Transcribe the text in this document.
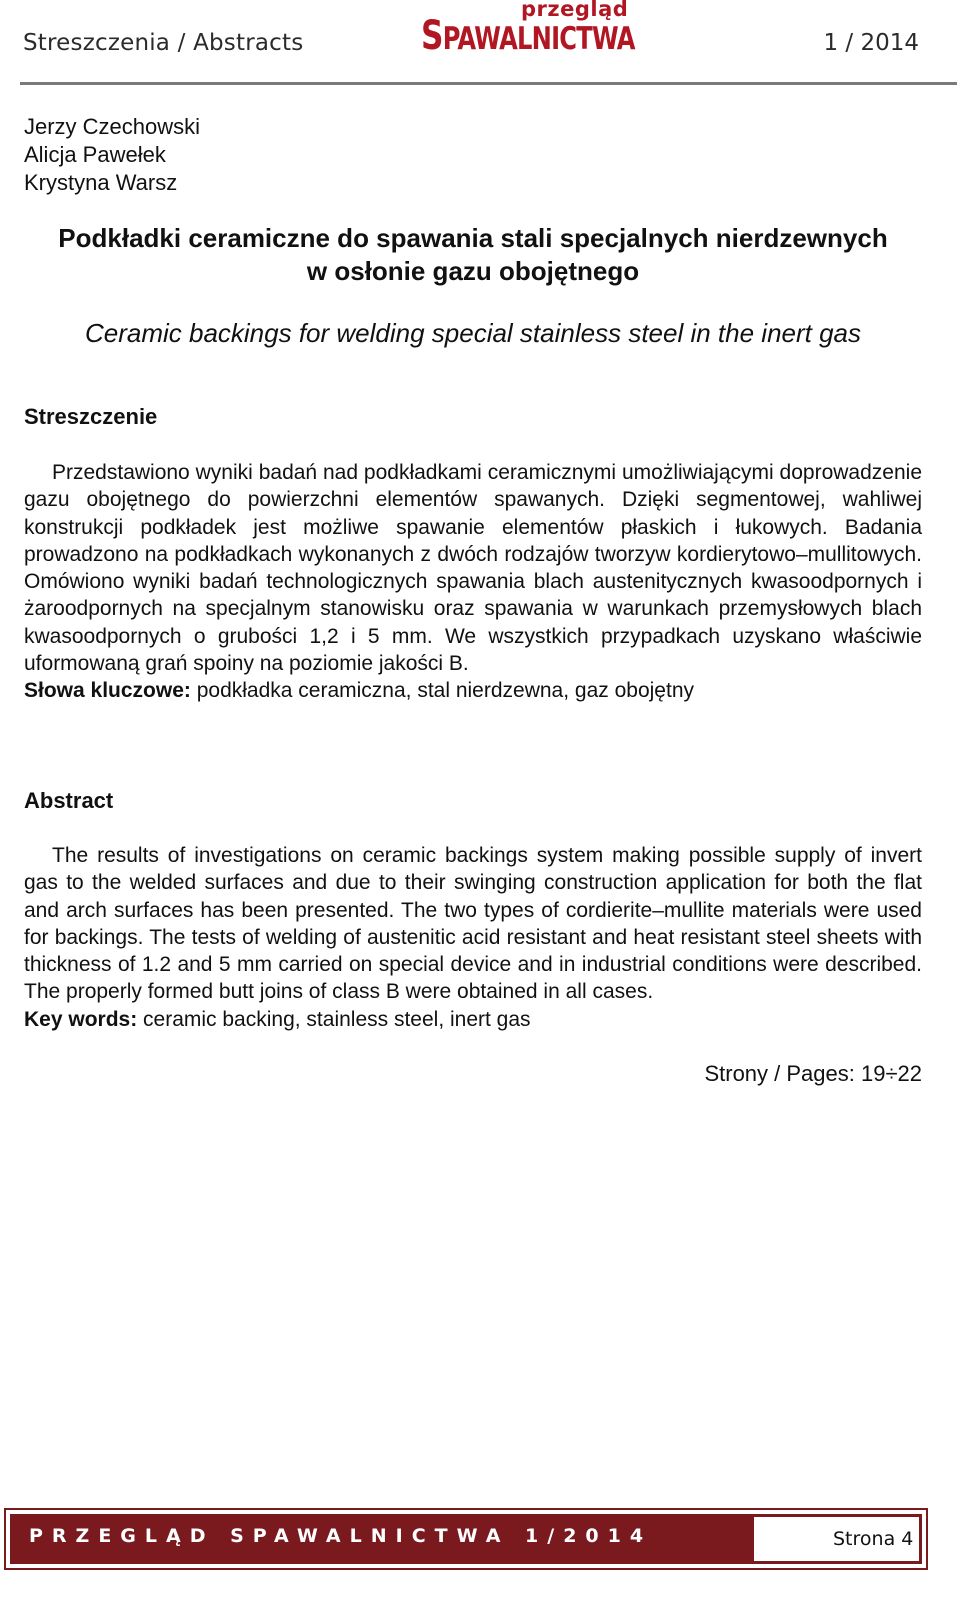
Streszczenia / Abstracts
przegląd
SPAWALNICTWA	1 / 2014
Jerzy Czechowski
Alicja Pawełek
Krystyna Warsz
Podkładki ceramiczne do spawania stali specjalnych nierdzewnych
w osłonie gazu obojętnego
Ceramic backings for welding special stainless steel in the inert gas
Streszczenie

Przedstawiono wyniki badań nad podkładkami ceramicznymi umożliwiającymi doprowadzenie gazu obojętnego do powierzchni elementów spawanych. Dzięki segmentowej, wahliwej konstrukcji podkładek jest możliwe spawanie elementów płaskich i łukowych. Badania prowadzono na podkładkach wykonanych z dwóch rodzajów tworzyw kordierytowo–mullitowych. Omówiono wyniki badań technologicznych spawania blach austenitycznych kwasoodpornych i żaroodpornych na specjalnym stanowisku oraz spawania w warunkach przemysłowych blach kwasoodpornych o grubości 1,2 i 5 mm. We wszystkich przypadkach uzyskano właściwie uformowaną grań spoiny na poziomie jakości B.

Słowa kluczowe: podkładka ceramiczna, stal nierdzewna, gaz obojętny

Abstract

The results of investigations on ceramic backings system making possible supply of invert gas to the welded surfaces and due to their swinging construction application for both the flat and arch surfaces has been presented. The two types of cordierite–mullite materials were used for backings. The tests of welding of austenitic acid resistant and heat resistant steel sheets with thickness of 1.2 and 5 mm carried on special device and in industrial conditions were described. The properly formed butt joins of class B were obtained in all cases.

Key words: ceramic backing, stainless steel, inert gas

Strony / Pages: 19÷22
PRZEGLĄD SPAWALNICTWA 1/2014	Strona 4
